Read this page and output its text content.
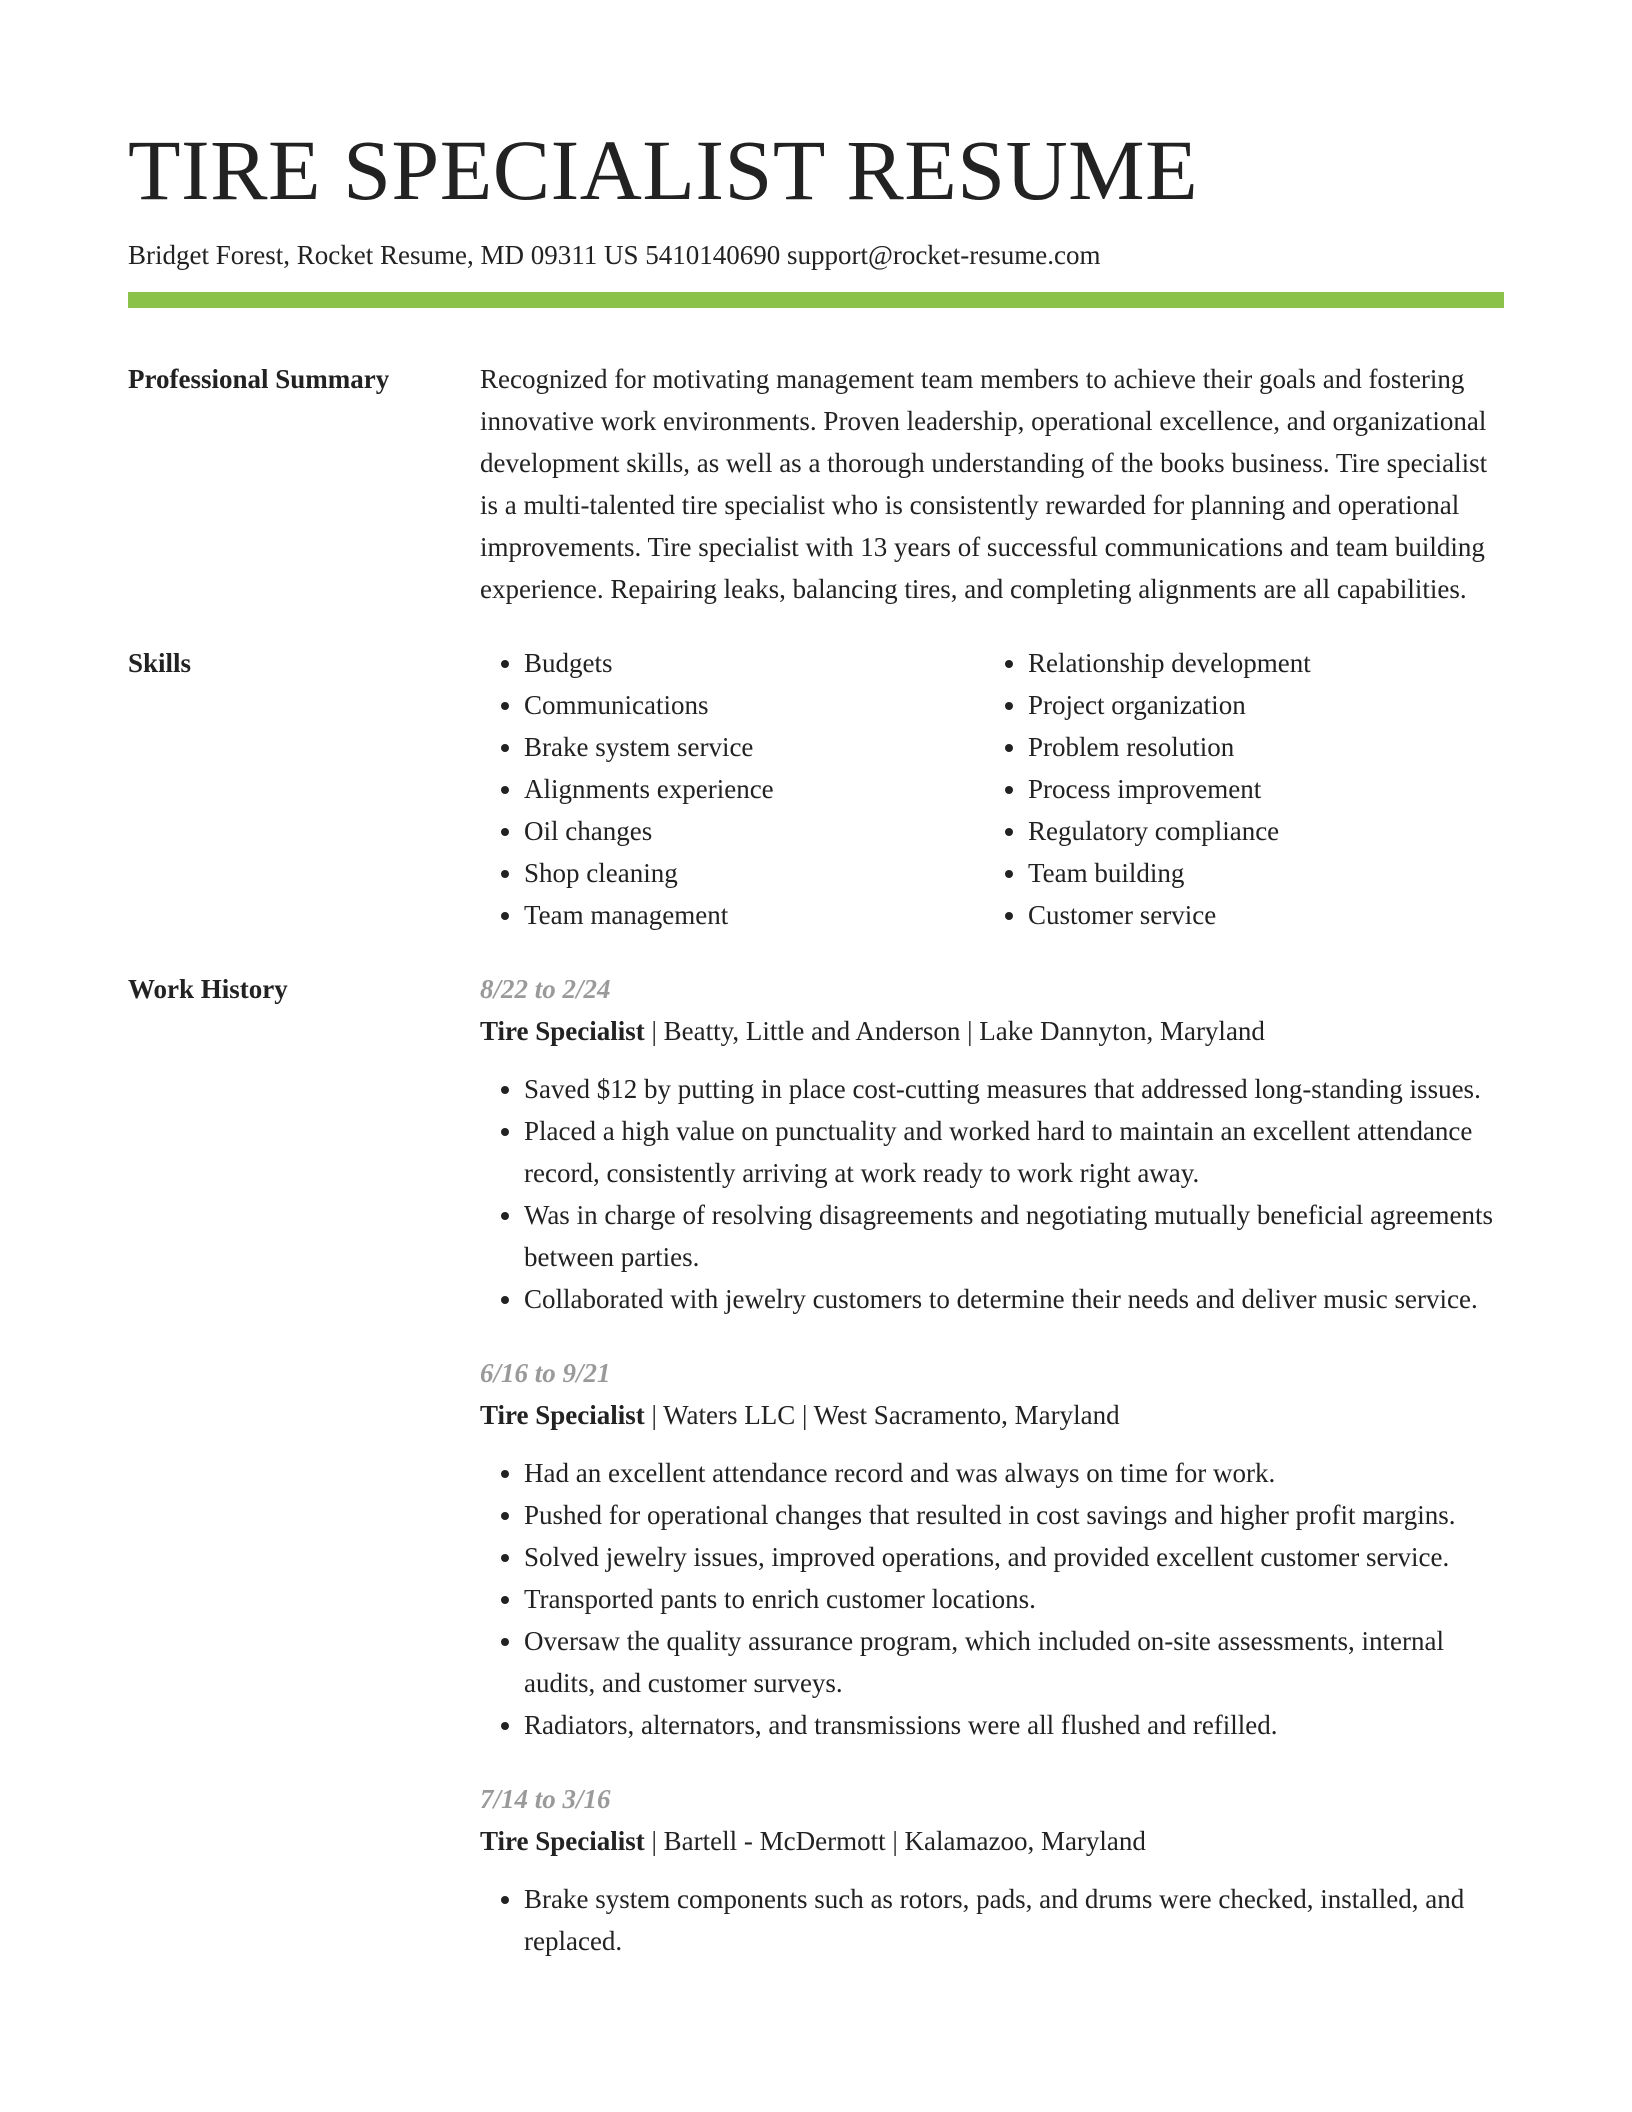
TIRE SPECIALIST RESUME
Bridget Forest, Rocket Resume, MD 09311 US 5410140690 support@rocket-resume.com
Professional Summary	Recognized for motivating management team members to achieve their goals and fostering innovative work environments. Proven leadership, operational excellence, and organizational development skills, as well as a thorough understanding of the books business. Tire specialist is a multi-talented tire specialist who is consistently rewarded for planning and operational improvements. Tire specialist with 13 years of successful communications and team building experience. Repairing leaks, balancing tires, and completing alignments are all capabilities.

Skills
•	Budgets
• Communications
• Brake system service
• Alignments experience
• Oil changes
• Shop cleaning
• Team management
• Relationship development
• Project organization
• Problem resolution
• Process improvement
• Regulatory compliance
• Team building
• Customer service
Work History	8/22 to 2/24
Tire Specialist | Beatty, Little and Anderson | Lake Dannyton, Maryland
• Saved $12 by putting in place cost-cutting measures that addressed long-standing issues.
• Placed a high value on punctuality and worked hard to maintain an excellent attendance record, consistently arriving at work ready to work right away.
• Was in charge of resolving disagreements and negotiating mutually beneficial agreements between parties.
• Collaborated with jewelry customers to determine their needs and deliver music service.
6/16 to 9/21
Tire Specialist | Waters LLC | West Sacramento, Maryland
• Had an excellent attendance record and was always on time for work.
• Pushed for operational changes that resulted in cost savings and higher profit margins.
• Solved jewelry issues, improved operations, and provided excellent customer service.
• Transported pants to enrich customer locations.
• Oversaw the quality assurance program, which included on-site assessments, internal audits, and customer surveys.
• Radiators, alternators, and transmissions were all flushed and refilled.
7/14 to 3/16
Tire Specialist | Bartell - McDermott | Kalamazoo, Maryland
• Brake system components such as rotors, pads, and drums were checked, installed, and replaced.
